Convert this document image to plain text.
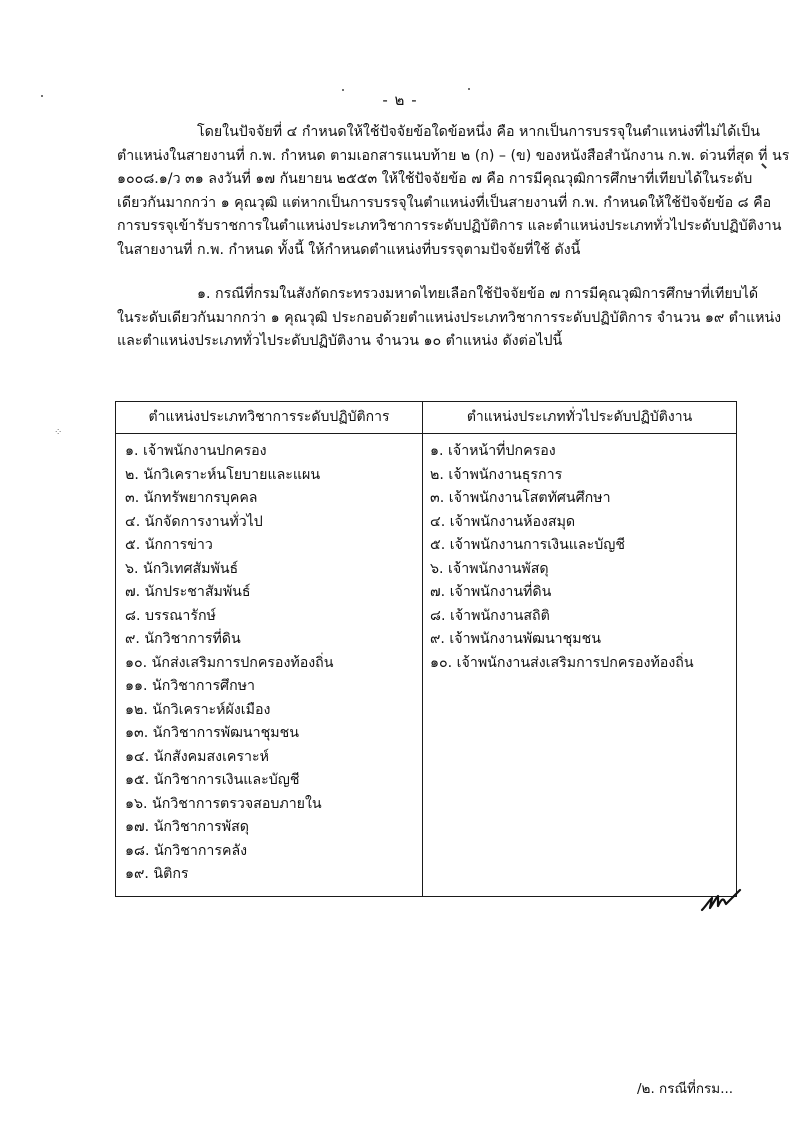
- ๒ -
โดยในปัจจัยที่ ๔ กำหนดให้ใช้ปัจจัยข้อใดข้อหนึ่ง คือ หากเป็นการบรรจุในตำแหน่งที่ไม่ได้เป็น
ตำแหน่งในสายงานที่ ก.พ. กำหนด ตามเอกสารแนบท้าย ๒ (ก) – (ข) ของหนังสือสำนักงาน ก.พ. ด่วนที่สุด ที่ นร
๑๐๐๘.๑/ว ๓๑ ลงวันที่ ๑๗ กันยายน ๒๕๕๓ ให้ใช้ปัจจัยข้อ ๗ คือ การมีคุณวุฒิการศึกษาที่เทียบได้ในระดับ
เดียวกันมากกว่า ๑ คุณวุฒิ แต่หากเป็นการบรรจุในตำแหน่งที่เป็นสายงานที่ ก.พ. กำหนดให้ใช้ปัจจัยข้อ ๘ คือ
การบรรจุเข้ารับราชการในตำแหน่งประเภทวิชาการระดับปฏิบัติการ และตำแหน่งประเภททั่วไประดับปฏิบัติงาน
ในสายงานที่ ก.พ. กำหนด ทั้งนี้ ให้กำหนดตำแหน่งที่บรรจุตามปัจจัยที่ใช้ ดังนี้
๑. กรณีที่กรมในสังกัดกระทรวงมหาดไทยเลือกใช้ปัจจัยข้อ ๗ การมีคุณวุฒิการศึกษาที่เทียบได้
ในระดับเดียวกันมากกว่า ๑ คุณวุฒิ ประกอบด้วยตำแหน่งประเภทวิชาการระดับปฏิบัติการ จำนวน ๑๙ ตำแหน่ง
และตำแหน่งประเภททั่วไประดับปฏิบัติงาน จำนวน ๑๐ ตำแหน่ง ดังต่อไปนี้
⁘
ตำแหน่งประเภทวิชาการระดับปฏิบัติการ	ตำแหน่งประเภททั่วไประดับปฏิบัติงาน
๑. เจ้าพนักงานปกครอง
๒. นักวิเคราะห์นโยบายและแผน
๓. นักทรัพยากรบุคคล
๔. นักจัดการงานทั่วไป
๕. นักการข่าว
๖. นักวิเทศสัมพันธ์
๗. นักประชาสัมพันธ์
๘. บรรณารักษ์
๙. นักวิชาการที่ดิน
๑๐. นักส่งเสริมการปกครองท้องถิ่น
๑๑. นักวิชาการศึกษา
๑๒. นักวิเคราะห์ผังเมือง
๑๓. นักวิชาการพัฒนาชุมชน
๑๔. นักสังคมสงเคราะห์
๑๕. นักวิชาการเงินและบัญชี
๑๖. นักวิชาการตรวจสอบภายใน
๑๗. นักวิชาการพัสดุ
๑๘. นักวิชาการคลัง
๑๙. นิติกร
๑. เจ้าหน้าที่ปกครอง
๒. เจ้าพนักงานธุรการ
๓. เจ้าพนักงานโสตทัศนศึกษา
๔. เจ้าพนักงานห้องสมุด
๕. เจ้าพนักงานการเงินและบัญชี
๖. เจ้าพนักงานพัสดุ
๗. เจ้าพนักงานที่ดิน
๘. เจ้าพนักงานสถิติ
๙. เจ้าพนักงานพัฒนาชุมชน
๑๐. เจ้าพนักงานส่งเสริมการปกครองท้องถิ่น
/๒. กรณีที่กรม...
